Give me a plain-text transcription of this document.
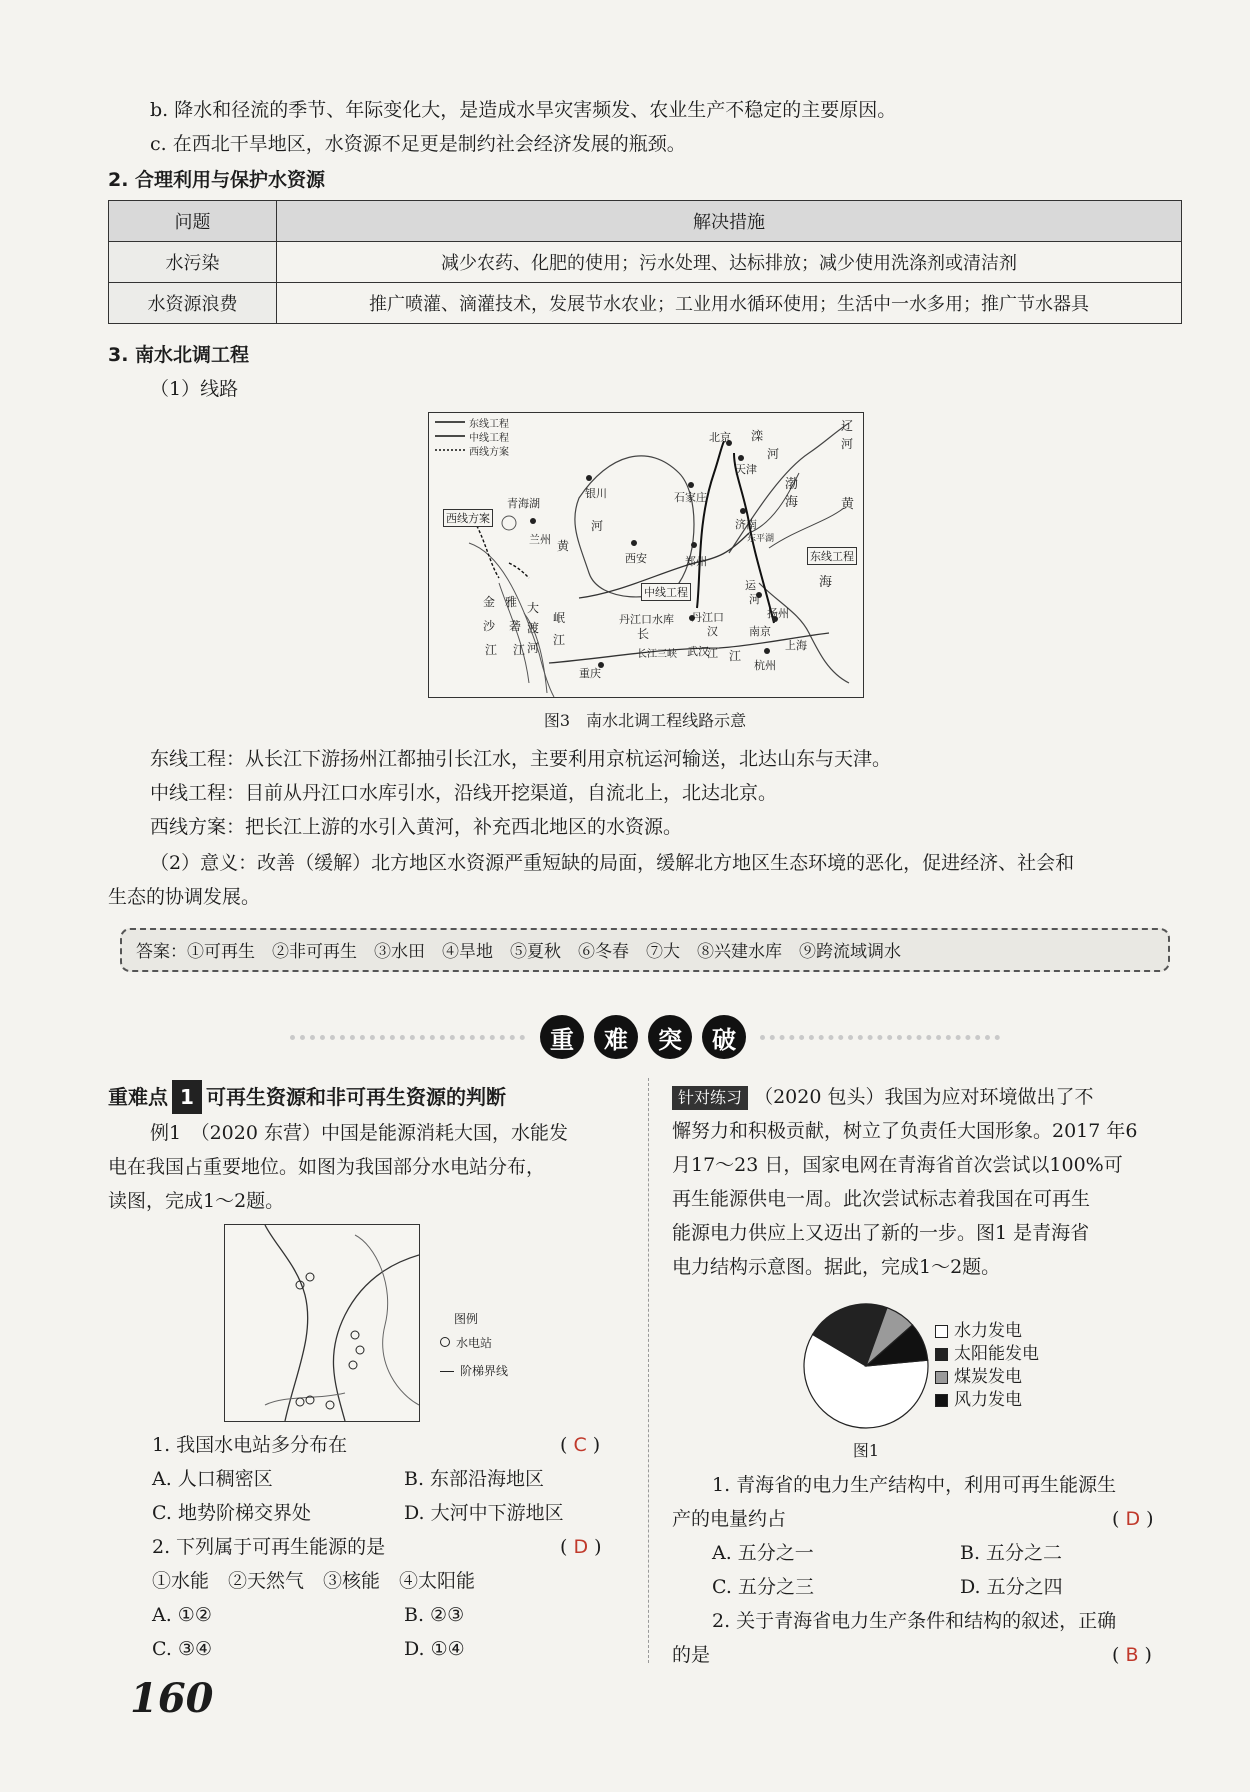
b. 降水和径流的季节、年际变化大，是造成水旱灾害频发、农业生产不稳定的主要原因。
c. 在西北干旱地区，水资源不足更是制约社会经济发展的瓶颈。
2. 合理利用与保护水资源
问题	解决措施
水污染	减少农药、化肥的使用；污水处理、达标排放；减少使用洗涤剂或清洁剂
水资源浪费	推广喷灌、滴灌技术，发展节水农业；工业用水循环使用；生活中一水多用；推广节水器具
3. 南水北调工程
（1）线路
东线工程
中线工程
西线方案
青海湖
银川
兰州
西安	郑州
北京
天津
石家庄
济南
东平湖
扬州
南京
上海
杭州
武汉
重庆
丹江口
丹江口水库
长江三峡
西线方案
中线工程
东线工程
黄
河
渤
海	黄
海
金
沙
江
雅
砻
江
大
渡
河
岷
江	长
江
滦
河
运
河
辽
河
汉
江
图3　南水北调工程线路示意
东线工程：从长江下游扬州江都抽引长江水，主要利用京杭运河输送，北达山东与天津。
中线工程：目前从丹江口水库引水，沿线开挖渠道，自流北上，北达北京。
西线方案：把长江上游的水引入黄河，补充西北地区的水资源。
（2）意义：改善（缓解）北方地区水资源严重短缺的局面，缓解北方地区生态环境的恶化，促进经济、社会和
生态的协调发展。
答案：①可再生　②非可再生　③水田　④旱地　⑤夏秋　⑥冬春　⑦大　⑧兴建水库　⑨跨流域调水
重	难	突	破
重难点 1 可再生资源和非可再生资源的判断
例1　（2020 东营）中国是能源消耗大国，水能发
电在我国占重要地位。如图为我国部分水电站分布，
读图，完成1～2题。
图例
水电站
阶梯界线
1. 我国水电站多分布在	( C )
A. 人口稠密区	B. 东部沿海地区
C. 地势阶梯交界处	D. 大河中下游地区
2. 下列属于可再生能源的是	( D )
①水能　②天然气　③核能　④太阳能
A. ①②	B. ②③
C. ③④	D. ①④
针对练习 （2020 包头）我国为应对环境做出了不
懈努力和积极贡献，树立了负责任大国形象。2017 年6
月17～23 日，国家电网在青海省首次尝试以100%可
再生能源供电一周。此次尝试标志着我国在可再生
能源电力供应上又迈出了新的一步。图1 是青海省
电力结构示意图。据此，完成1～2题。
水力发电
太阳能发电
煤炭发电
风力发电
图1
1. 青海省的电力生产结构中，利用可再生能源生
产的电量约占	( D )
A. 五分之一	B. 五分之二
C. 五分之三	D. 五分之四
2. 关于青海省电力生产条件和结构的叙述，正确
的是	( B )
160
